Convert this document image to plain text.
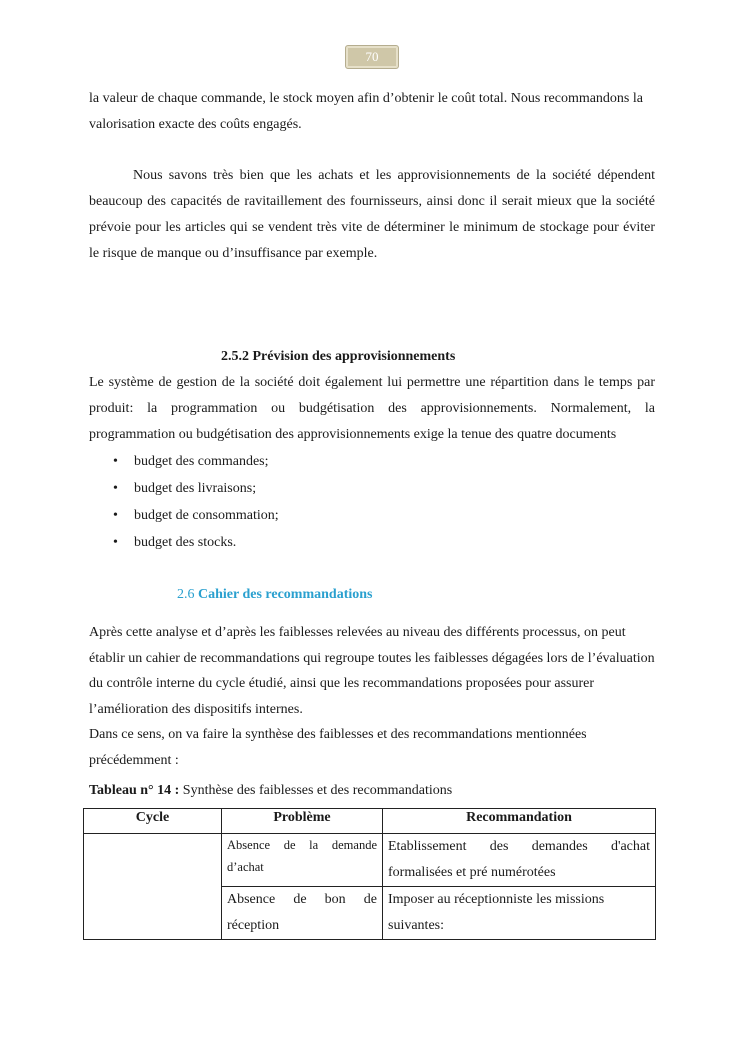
70

la valeur de chaque commande, le stock moyen afin d’obtenir le coût total. Nous recommandons la valorisation exacte des coûts engagés.

Nous savons très bien que les achats et les approvisionnements de la société dépendent beaucoup des capacités de ravitaillement des fournisseurs, ainsi donc il serait mieux que la société prévoie pour les articles qui se vendent très vite de déterminer le minimum de stockage pour éviter le risque de manque ou d’insuffisance par exemple.

2.5.2 Prévision des approvisionnements

Le système de gestion de la société doit également lui permettre une répartition dans le temps par produit: la programmation ou budgétisation des approvisionnements. Normalement, la programmation ou budgétisation des approvisionnements exige la tenue des quatre documents

• budget des commandes;
• budget des livraisons;
• budget de consommation;
• budget des stocks.
2.6 Cahier des recommandations
Après cette analyse et d’après les faiblesses relevées au niveau des différents processus, on peut établir un cahier de recommandations qui regroupe toutes les faiblesses dégagées lors de l’évaluation du contrôle interne du cycle étudié, ainsi que les recommandations proposées pour assurer l’amélioration des dispositifs internes.
Dans ce sens, on va faire la synthèse des faiblesses et des recommandations mentionnées précédemment :

Tableau n° 14 : Synthèse des faiblesses et des recommandations

Cycle	Problème	Recommandation
	Absence de la demande d’achat	Etablissement des demandes d'achat formalisées et pré numérotées
	Absence de bon de réception	Imposer au réceptionniste les missions suivantes:
